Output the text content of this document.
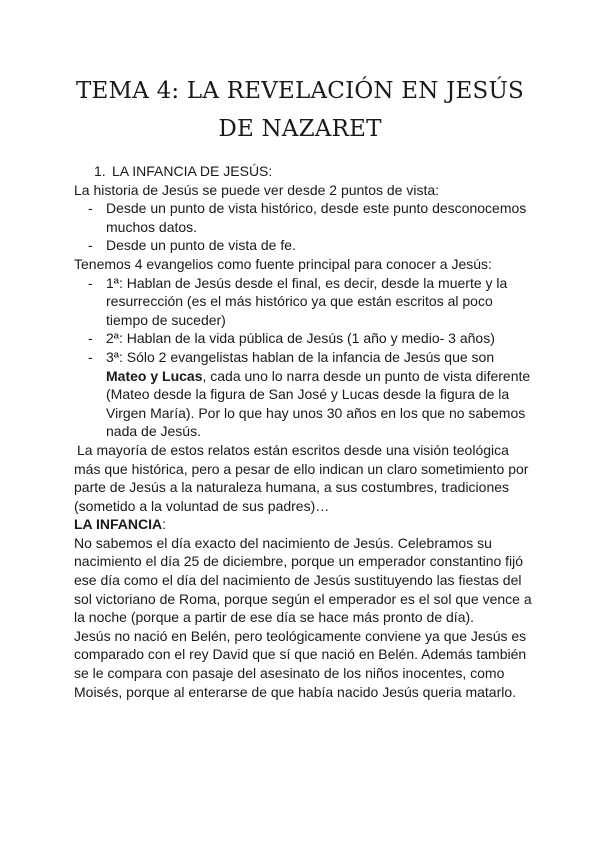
TEMA 4: LA REVELACIÓN EN JESÚS DE NAZARET

1. LA INFANCIA DE JESÚS:

La historia de Jesús se puede ver desde 2 puntos de vista:

- Desde un punto de vista histórico, desde este punto desconocemos muchos datos.
- Desde un punto de vista de fe.

Tenemos 4 evangelios como fuente principal para conocer a Jesús:

- 1ª: Hablan de Jesús desde el final, es decir, desde la muerte y la resurrección (es el más histórico ya que están escritos al poco tiempo de suceder)
- 2ª: Hablan de la vida pública de Jesús (1 año y medio- 3 años)
- 3ª: Sólo 2 evangelistas hablan de la infancia de Jesús que son Mateo y Lucas, cada uno lo narra desde un punto de vista diferente (Mateo desde la figura de San José y Lucas desde la figura de la Virgen María). Por lo que hay unos 30 años en los que no sabemos nada de Jesús.

La mayoría de estos relatos están escritos desde una visión teológica más que histórica, pero a pesar de ello indican un claro sometimiento por parte de Jesús a la naturaleza humana, a sus costumbres, tradiciones (sometido a la voluntad de sus padres)…

LA INFANCIA:

No sabemos el día exacto del nacimiento de Jesús. Celebramos su nacimiento el día 25 de diciembre, porque un emperador constantino fijó ese día como el día del nacimiento de Jesús sustituyendo las fiestas del sol victoriano de Roma, porque según el emperador es el sol que vence a la noche (porque a partir de ese día se hace más pronto de día).

Jesús no nació en Belén, pero teológicamente conviene ya que Jesús es comparado con el rey David que sí que nació en Belén. Además también se le compara con pasaje del asesinato de los niños inocentes, como Moisés, porque al enterarse de que había nacido Jesús queria matarlo.
